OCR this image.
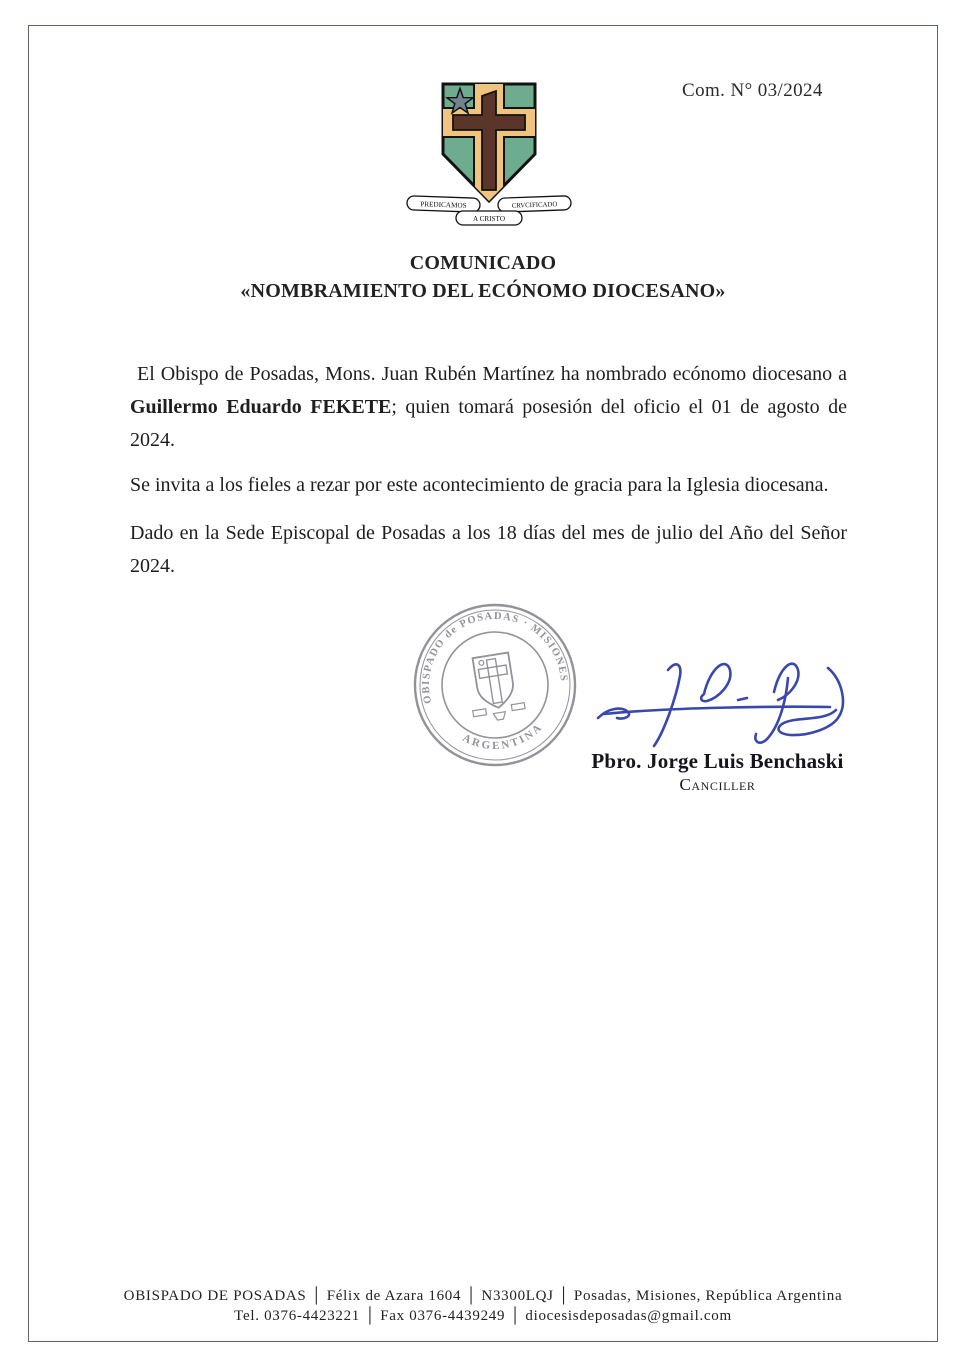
Com. N° 03/2024
PREDICAMOS	CRVCIFICADO
A CRISTO
COMUNICADO
«NOMBRAMIENTO DEL ECÓNOMO DIOCESANO»

El Obispo de Posadas, Mons. Juan Rubén Martínez ha nombrado ecónomo diocesano a Guillermo Eduardo FEKETE; quien tomará posesión del oficio el 01 de agosto de 2024.

Se invita a los fieles a rezar por este acontecimiento de gracia para la Iglesia diocesana.

Dado en la Sede Episcopal de Posadas a los 18 días del mes de julio del Año del Señor 2024.

OBISPADO de POSADAS · MISIONES
ARGENTINA
Pbro. Jorge Luis Benchaski
Canciller
OBISPADO DE POSADAS │ Félix de Azara 1604 │ N3300LQJ │ Posadas, Misiones, República Argentina
Tel. 0376-4423221 │ Fax 0376-4439249 │ diocesisdeposadas@gmail.com
